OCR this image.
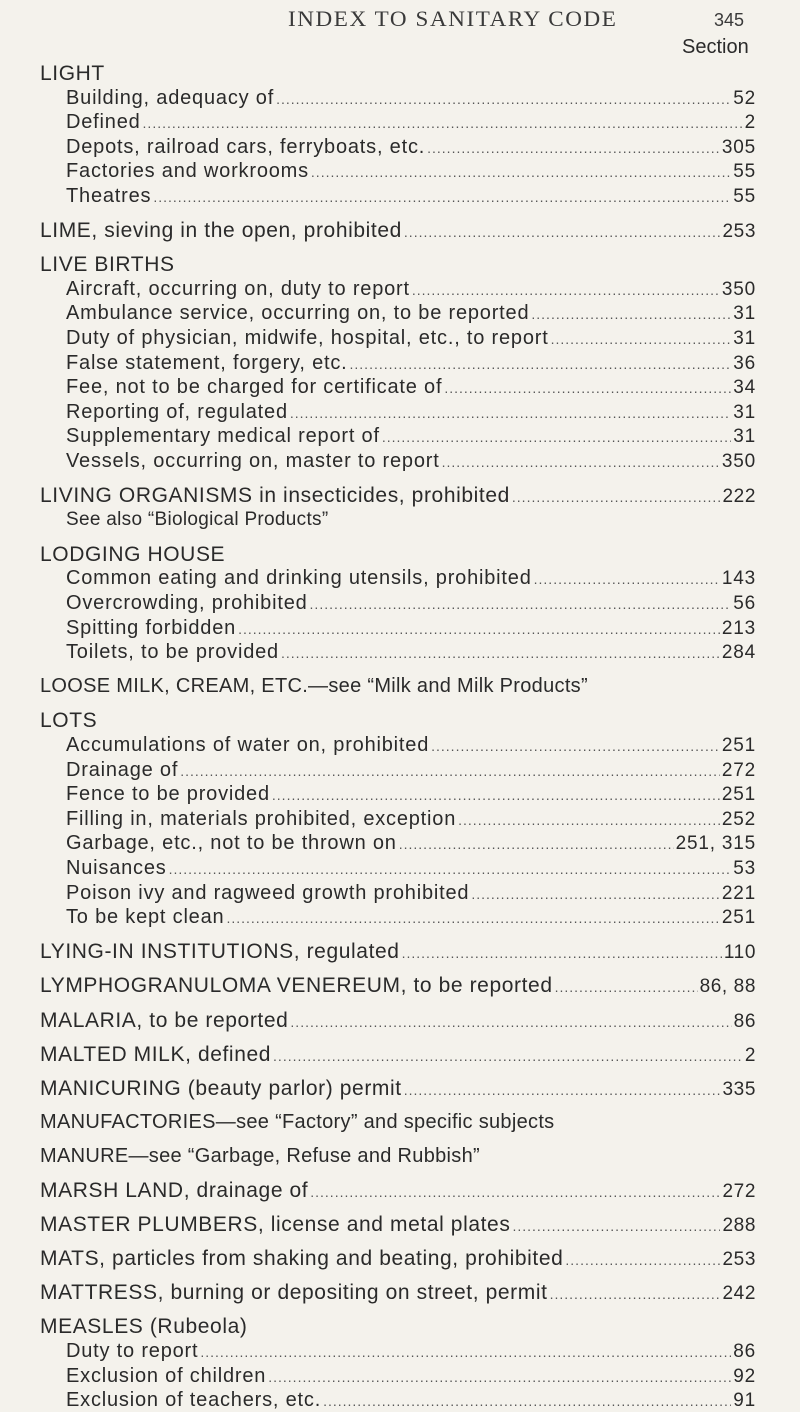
INDEX TO SANITARY CODE	345
Section
LIGHT
Building, adequacy of .....	52
Defined .....	2
Depots, railroad cars, ferryboats, etc. .....	305
Factories and workrooms .....	55
Theatres .....	55
LIME, sieving in the open, prohibited .....	253
LIVE BIRTHS
Aircraft, occurring on, duty to report .....	350
Ambulance service, occurring on, to be reported .....	31
Duty of physician, midwife, hospital, etc., to report .....	31
False statement, forgery, etc. .....	36
Fee, not to be charged for certificate of .....	34
Reporting of, regulated .....	31
Supplementary medical report of .....	31
Vessels, occurring on, master to report .....	350
LIVING ORGANISMS in insecticides, prohibited .....	222
See also “Biological Products”
LODGING HOUSE
Common eating and drinking utensils, prohibited .....	143
Overcrowding, prohibited .....	56
Spitting forbidden .....	213
Toilets, to be provided .....	284
LOOSE MILK, CREAM, ETC.—see “Milk and Milk Products”
LOTS
Accumulations of water on, prohibited .....	251
Drainage of .....	272
Fence to be provided .....	251
Filling in, materials prohibited, exception .....	252
Garbage, etc., not to be thrown on .....	251, 315
Nuisances .....	53
Poison ivy and ragweed growth prohibited .....	221
To be kept clean .....	251
LYING-IN INSTITUTIONS, regulated .....	110
LYMPHOGRANULOMA VENEREUM, to be reported .....	86, 88
MALARIA, to be reported .....	86
MALTED MILK, defined .....	2
MANICURING (beauty parlor) permit .....	335
MANUFACTORIES—see “Factory” and specific subjects
MANURE—see “Garbage, Refuse and Rubbish”
MARSH LAND, drainage of .....	272
MASTER PLUMBERS, license and metal plates .....	288
MATS, particles from shaking and beating, prohibited .....	253
MATTRESS, burning or depositing on street, permit .....	242
MEASLES (Rubeola)
Duty to report .....	86
Exclusion of children .....	92
Exclusion of teachers, etc. .....	91
